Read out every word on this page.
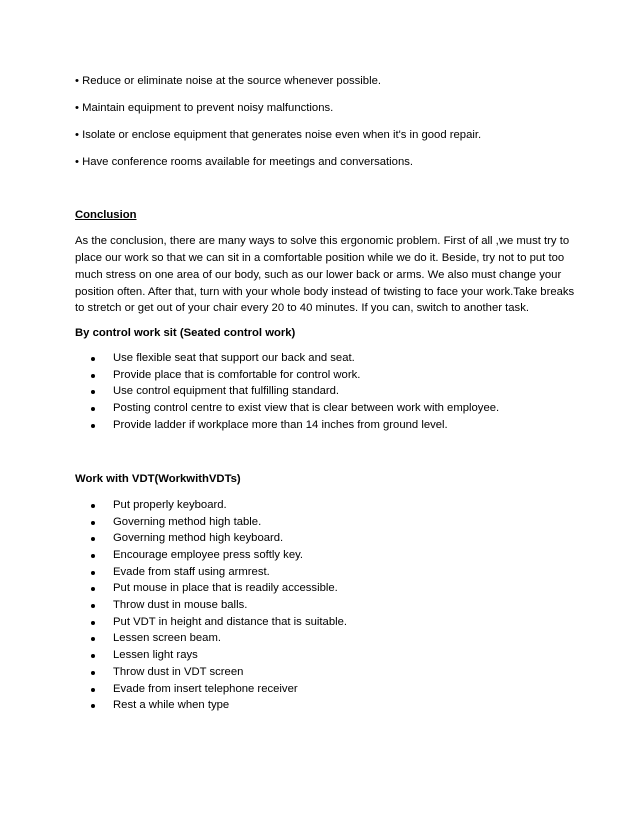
• Reduce or eliminate noise at the source whenever possible.
• Maintain equipment to prevent noisy malfunctions.
• Isolate or enclose equipment that generates noise even when it's in good repair.
• Have conference rooms available for meetings and conversations.
Conclusion
As the conclusion, there are many ways to solve this ergonomic problem. First of all ,we must try to
place our work so that we can sit in a comfortable position while we do it. Beside, try not to put too
much stress on one area of our body, such as our lower back or arms. We also must change your
position often. After that, turn with your whole body instead of twisting to face your work.Take breaks
to stretch or get out of your chair every 20 to 40 minutes. If you can, switch to another task.
By control work sit (Seated control work)
Use flexible seat that support our back and seat.
Provide place that is comfortable for control work.
Use control equipment that fulfilling standard.
Posting control centre to exist view that is clear between work with employee.
Provide ladder if workplace more than 14 inches from ground level.
Work with VDT(WorkwithVDTs)
Put properly keyboard.
Governing method high table.
Governing method high keyboard.
Encourage employee press softly key.
Evade from staff using armrest.
Put mouse in place that is readily accessible.
Throw dust in mouse balls.
Put VDT in height and distance that is suitable.
Lessen screen beam.
Lessen light rays
Throw dust in VDT screen
Evade from insert telephone receiver
Rest a while when type
